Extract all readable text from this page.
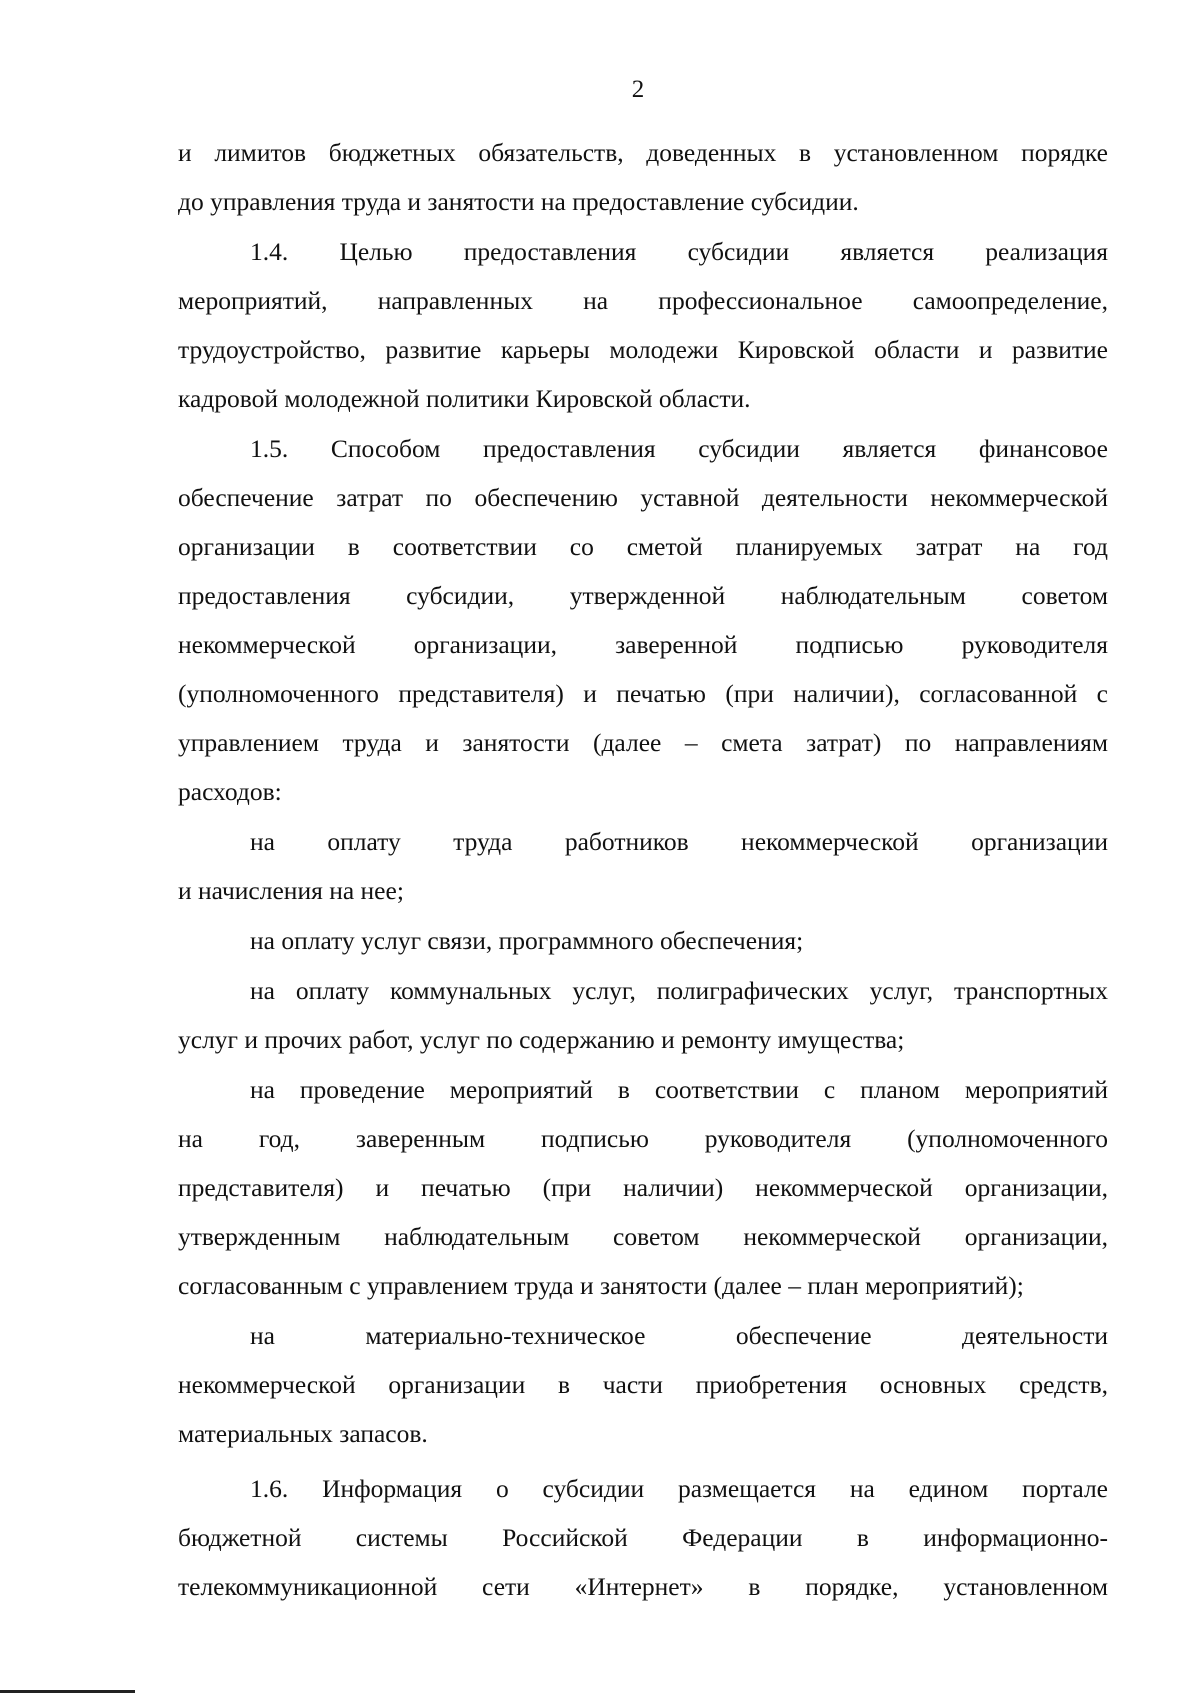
2

и лимитов бюджетных обязательств, доведенных в установленном порядке

до управления труда и занятости на предоставление субсидии.

1.4. Целью предоставления субсидии является реализация

мероприятий, направленных на профессиональное самоопределение,

трудоустройство, развитие карьеры молодежи Кировской области и развитие

кадровой молодежной политики Кировской области.

1.5. Способом предоставления субсидии является финансовое

обеспечение затрат по обеспечению уставной деятельности некоммерческой

организации в соответствии со сметой планируемых затрат на год

предоставления субсидии, утвержденной наблюдательным советом

некоммерческой организации, заверенной подписью руководителя

(уполномоченного представителя) и печатью (при наличии), согласованной с

управлением труда и занятости (далее – смета затрат) по направлениям

расходов:

на оплату труда работников некоммерческой организации

и начисления на нее;

на оплату услуг связи, программного обеспечения;

на оплату коммунальных услуг, полиграфических услуг, транспортных

услуг и прочих работ, услуг по содержанию и ремонту имущества;

на проведение мероприятий в соответствии с планом мероприятий

на год, заверенным подписью руководителя (уполномоченного

представителя) и печатью (при наличии) некоммерческой организации,

утвержденным наблюдательным советом некоммерческой организации,

согласованным с управлением труда и занятости (далее – план мероприятий);

на материально-техническое обеспечение деятельности

некоммерческой организации в части приобретения основных средств,

материальных запасов.

1.6. Информация о субсидии размещается на едином портале

бюджетной системы Российской Федерации в информационно-

телекоммуникационной сети «Интернет» в порядке, установленном
